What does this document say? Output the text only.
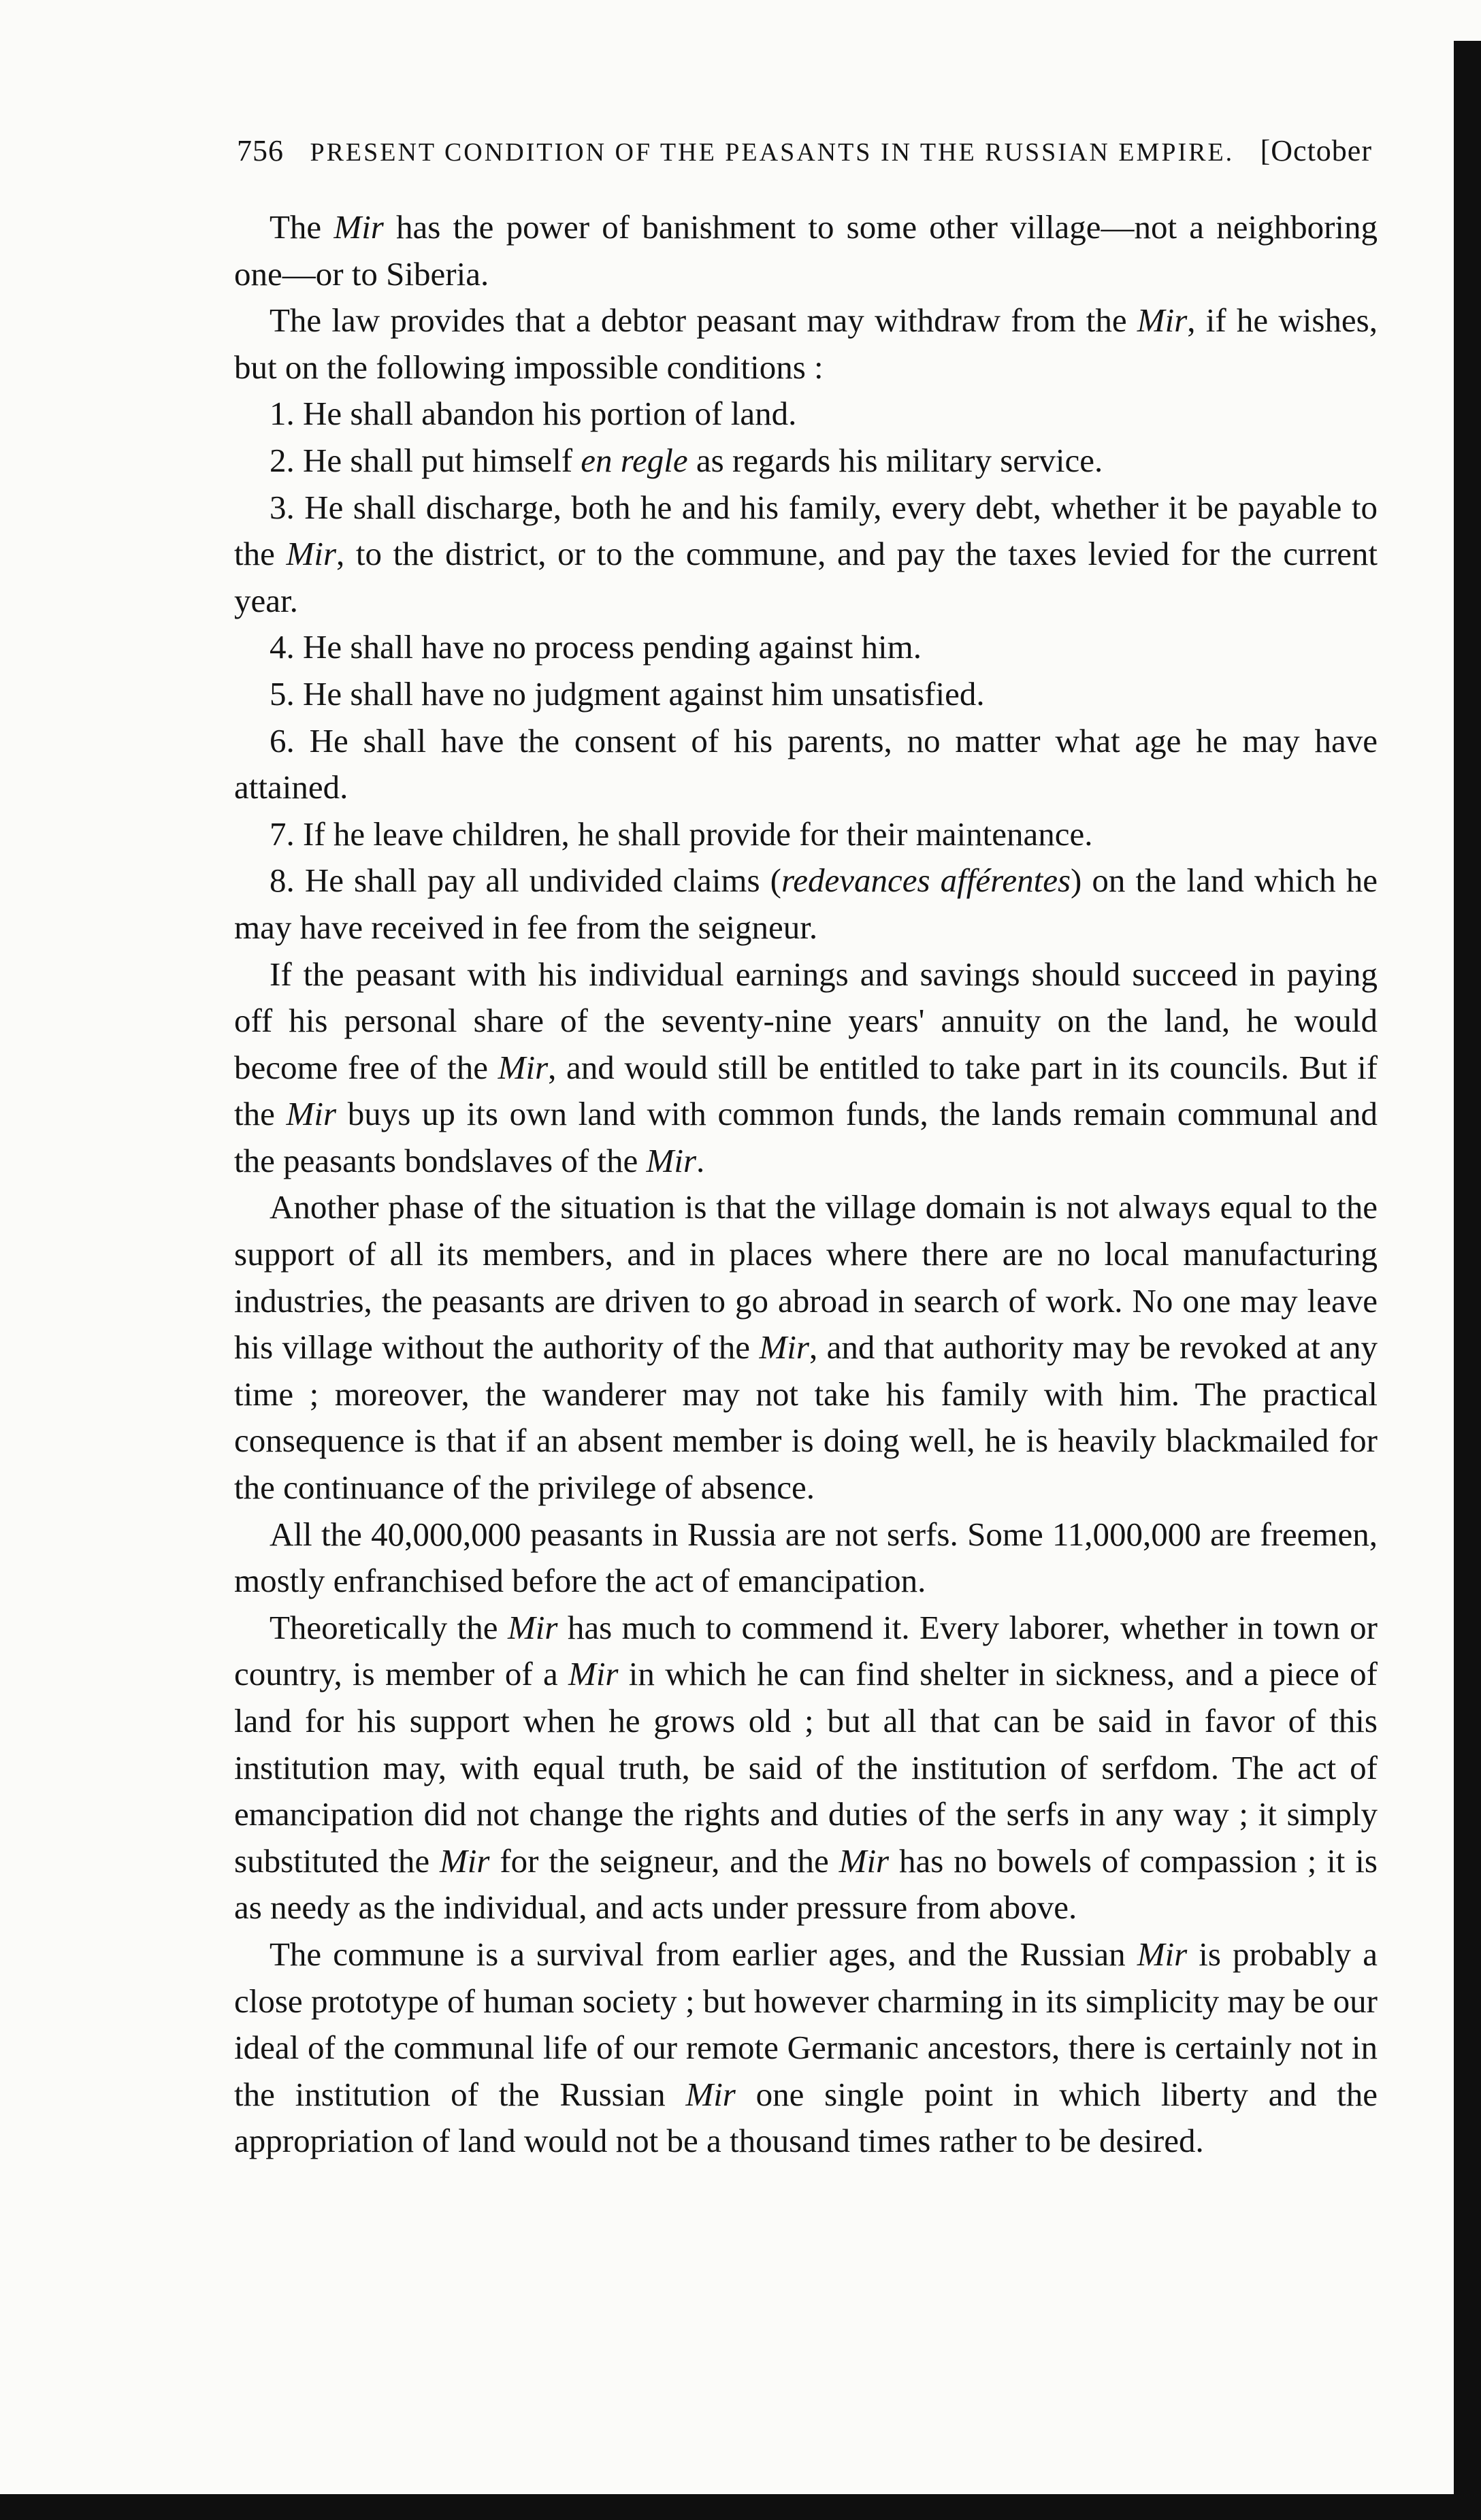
756 PRESENT CONDITION OF THE PEASANTS IN THE RUSSIAN EMPIRE. [October

The Mir has the power of banishment to some other village—not a neighboring one—or to Siberia.

The law provides that a debtor peasant may withdraw from the Mir, if he wishes, but on the following impossible conditions :

1. He shall abandon his portion of land.

2. He shall put himself en regle as regards his military service.

3. He shall discharge, both he and his family, every debt, whether it be payable to the Mir, to the district, or to the commune, and pay the taxes levied for the current year.

4. He shall have no process pending against him.

5. He shall have no judgment against him unsatisfied.

6. He shall have the consent of his parents, no matter what age he may have attained.

7. If he leave children, he shall provide for their maintenance.

8. He shall pay all undivided claims (redevances afférentes) on the land which he may have received in fee from the seigneur.

If the peasant with his individual earnings and savings should succeed in paying off his personal share of the seventy-nine years' annuity on the land, he would become free of the Mir, and would still be entitled to take part in its councils. But if the Mir buys up its own land with common funds, the lands remain communal and the peasants bondslaves of the Mir.

Another phase of the situation is that the village domain is not always equal to the support of all its members, and in places where there are no local manufacturing industries, the peasants are driven to go abroad in search of work. No one may leave his village without the authority of the Mir, and that authority may be revoked at any time ; moreover, the wanderer may not take his family with him. The practical consequence is that if an absent member is doing well, he is heavily blackmailed for the continuance of the privilege of absence.

All the 40,000,000 peasants in Russia are not serfs. Some 11,000,000 are freemen, mostly enfranchised before the act of emancipation.

Theoretically the Mir has much to commend it. Every laborer, whether in town or country, is member of a Mir in which he can find shelter in sickness, and a piece of land for his support when he grows old ; but all that can be said in favor of this institution may, with equal truth, be said of the institution of serfdom. The act of emancipation did not change the rights and duties of the serfs in any way ; it simply substituted the Mir for the seigneur, and the Mir has no bowels of compassion ; it is as needy as the individual, and acts under pressure from above.

The commune is a survival from earlier ages, and the Russian Mir is probably a close prototype of human society ; but however charming in its simplicity may be our ideal of the communal life of our remote Germanic ancestors, there is certainly not in the institution of the Russian Mir one single point in which liberty and the appropriation of land would not be a thousand times rather to be desired.
